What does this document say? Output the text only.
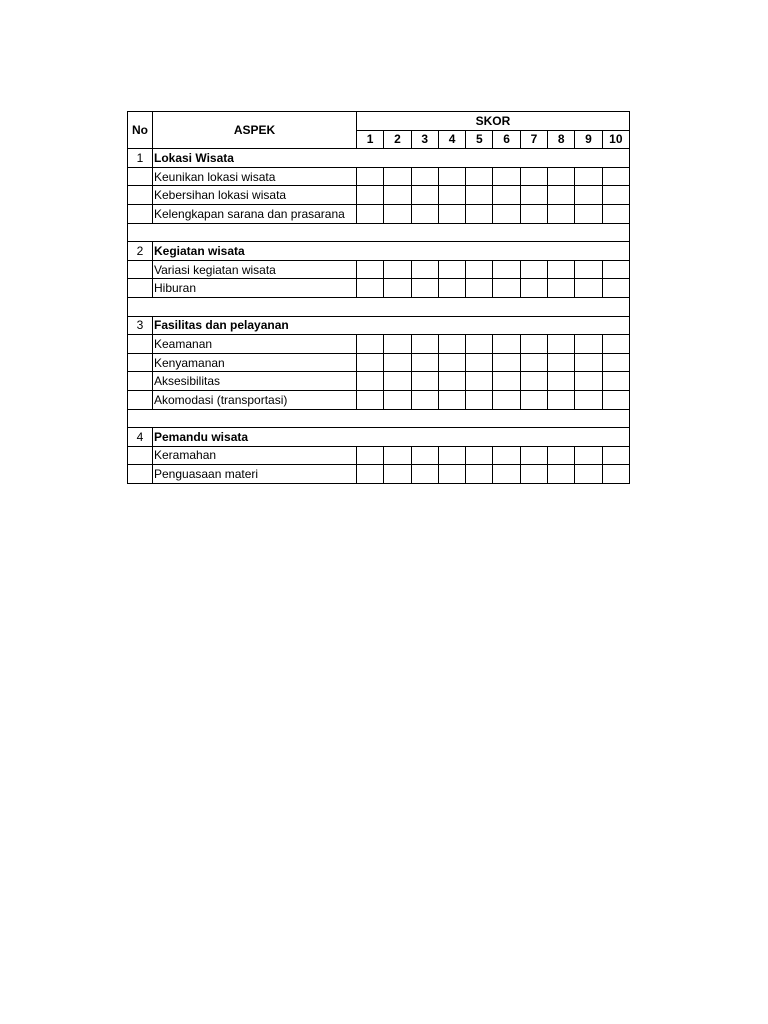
No	ASPEK	SKOR									
		1	2	3	4	5	6	7	8	9	10
1	Lokasi Wisata										
	Keunikan lokasi wisata										
	Kebersihan lokasi wisata										
	Kelengkapan sarana dan prasarana										

2	Kegiatan wisata										
	Variasi kegiatan wisata										
	Hiburan										

3	Fasilitas dan pelayanan										
	Keamanan										
	Kenyamanan										
	Aksesibilitas										
	Akomodasi (transportasi)										

4	Pemandu wisata										
	Keramahan										
	Penguasaan materi										
